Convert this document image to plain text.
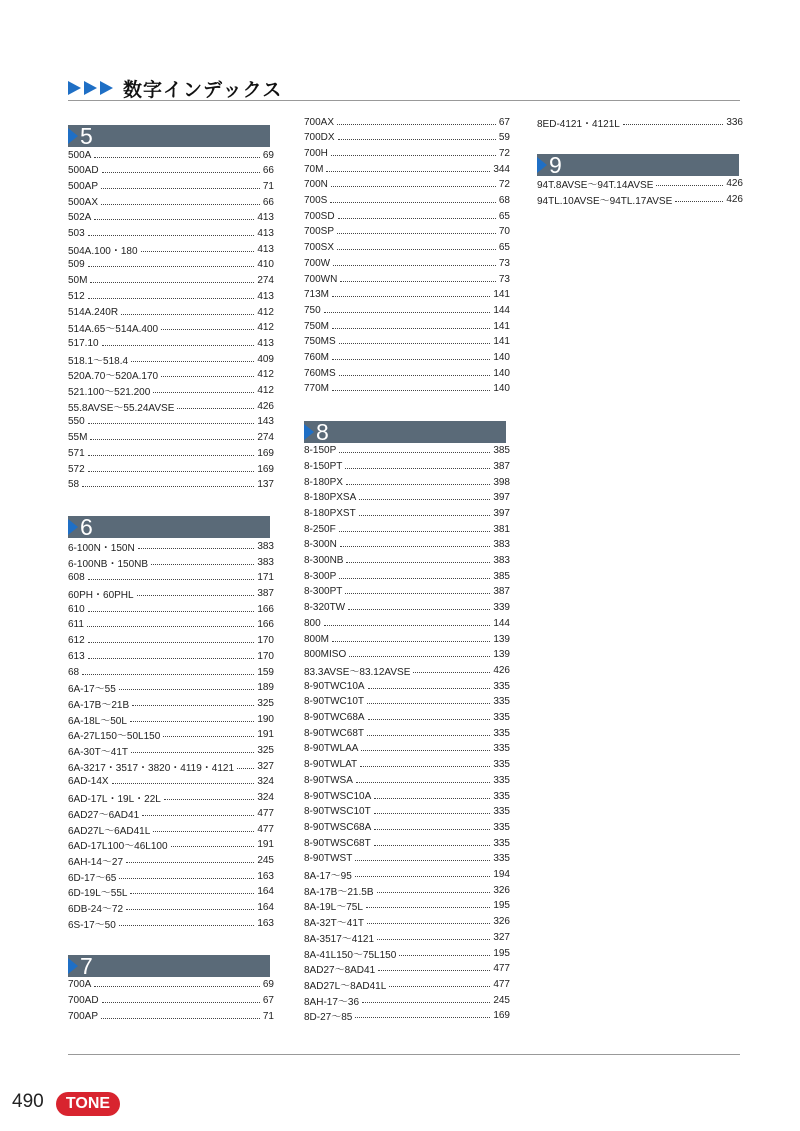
数字インデックス
5
500A	69
500AD	66
500AP	71
500AX	66
502A	413
503	413
504A.100・180	413
509	410
50M	274
512	413
514A.240R	412
514A.65～514A.400	412
517.10	413
518.1～518.4	409
520A.70～520A.170	412
521.100～521.200	412
55.8AVSE～55.24AVSE	426
550	143
55M	274
571	169
572	169
58	137
6
6-100N・150N	383
6-100NB・150NB	383
608	171
60PH・60PHL	387
610	166
611	166
612	170
613	170
68	159
6A-17～55	189
6A-17B～21B	325
6A-18L～50L	190
6A-27L150～50L150	191
6A-30T～41T	325
6A-3217・3517・3820・4119・4121 327
6AD-14X	324
6AD-17L・19L・22L	324
6AD27～6AD41	477
6AD27L～6AD41L	477
6AD-17L100～46L100	191
6AH-14～27	245
6D-17～65	163
6D-19L～55L	164
6DB-24～72	164
6S-17～50	163
7
700A	69
700AD	67
700AP	71
700AX	67
700DX	59
700H	72
70M	344
700N	72
700S	68
700SD	65
700SP	70
700SX	65
700W	73
700WN	73
713M	141
750	144
750M	141
750MS	141
760M	140
760MS	140
770M	140
8
8-150P	385
8-150PT	387
8-180PX	398
8-180PXSA	397
8-180PXST	397
8-250F	381
8-300N	383
8-300NB	383
8-300P	385
8-300PT	387
8-320TW	339
800	144
800M	139
800MISO	139
83.3AVSE～83.12AVSE	426
8-90TWC10A	335
8-90TWC10T	335
8-90TWC68A	335
8-90TWC68T	335
8-90TWLAA	335
8-90TWLAT	335
8-90TWSA	335
8-90TWSC10A	335
8-90TWSC10T	335
8-90TWSC68A	335
8-90TWSC68T	335
8-90TWST	335
8A-17～95	194
8A-17B～21.5B	326
8A-19L～75L	195
8A-32T～41T	326
8A-3517～4121	327
8A-41L150～75L150	195
8AD27～8AD41	477
8AD27L～8AD41L	477
8AH-17～36	245
8D-27～85	169
8ED-4121・4121L	336
9
94T.8AVSE～94T.14AVSE	426
94TL.10AVSE～94TL.17AVSE	426
490 TONE
